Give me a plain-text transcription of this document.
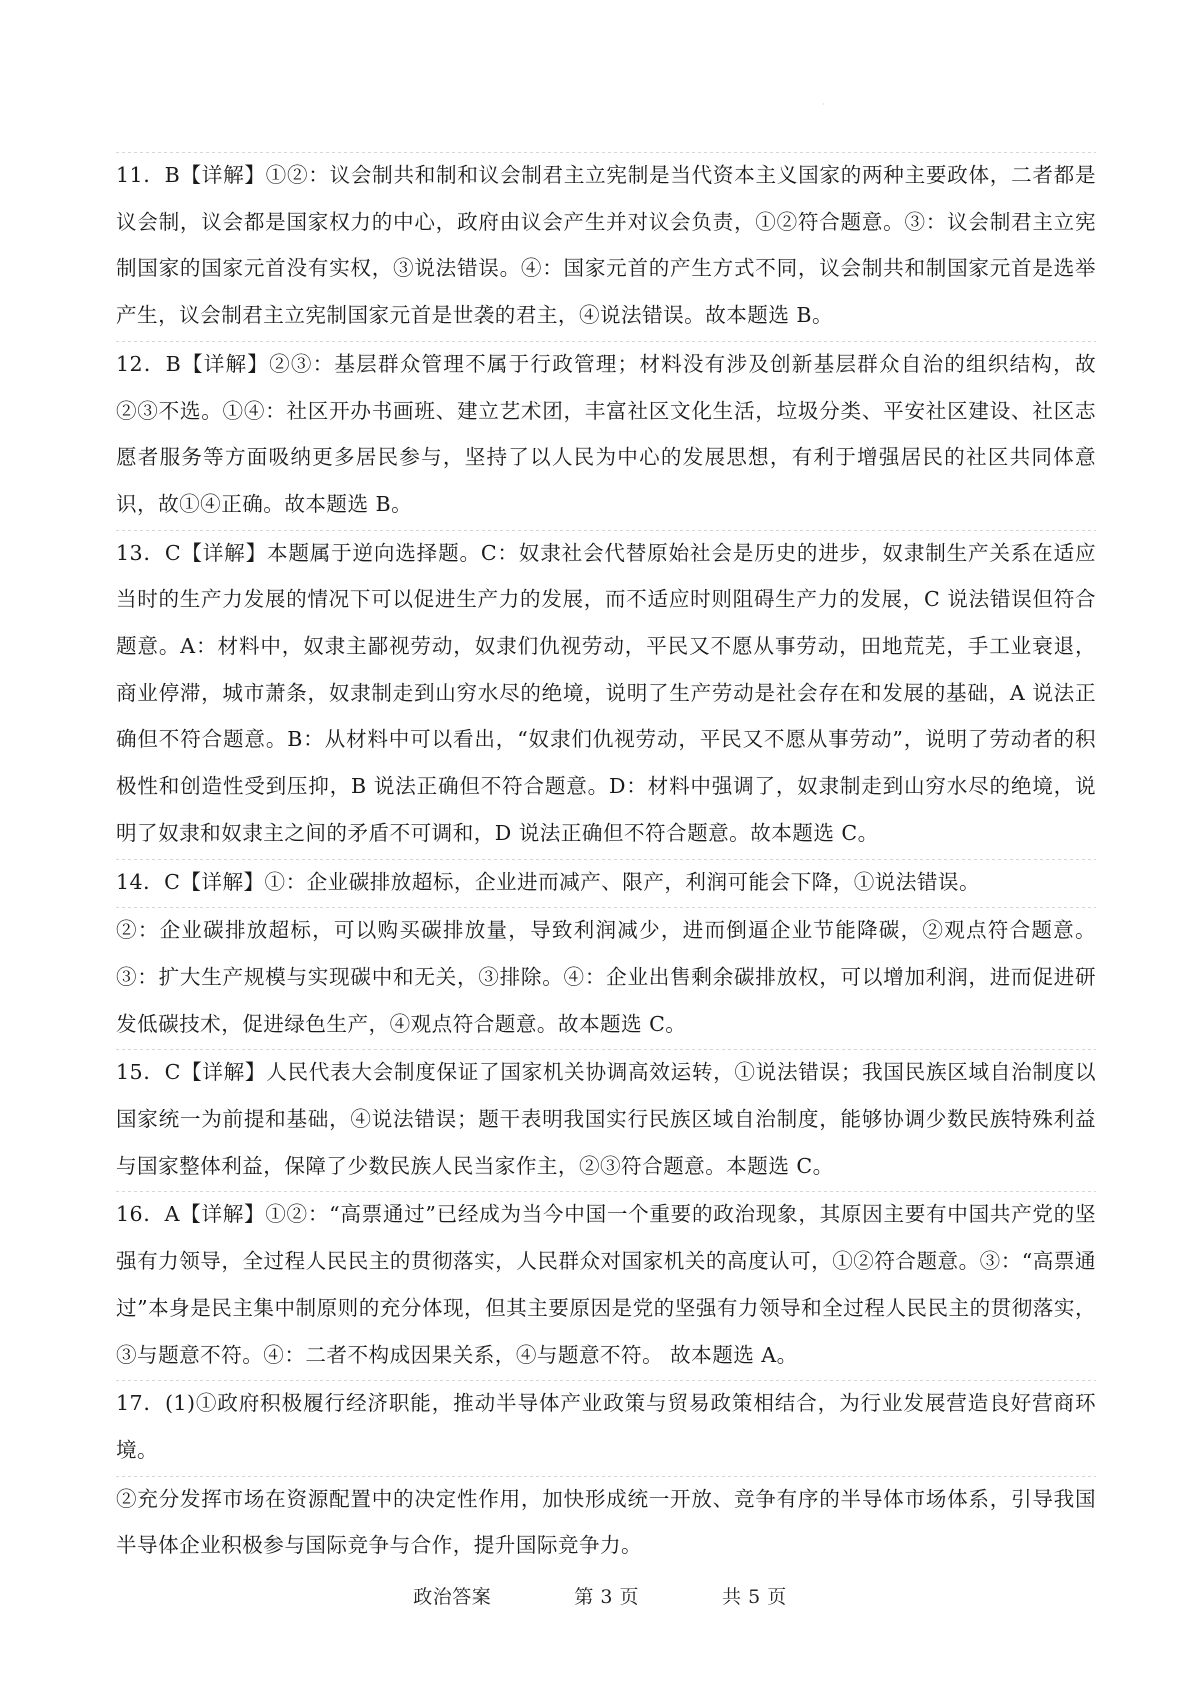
·

11．B【详解】①②：议会制共和制和议会制君主立宪制是当代资本主义国家的两种主要政体，二者都是议会制，议会都是国家权力的中心，政府由议会产生并对议会负责，①②符合题意。③：议会制君主立宪制国家的国家元首没有实权，③说法错误。④：国家元首的产生方式不同，议会制共和制国家元首是选举产生，议会制君主立宪制国家元首是世袭的君主，④说法错误。故本题选 B。

12．B【详解】②③：基层群众管理不属于行政管理；材料没有涉及创新基层群众自治的组织结构，故②③不选。①④：社区开办书画班、建立艺术团，丰富社区文化生活，垃圾分类、平安社区建设、社区志愿者服务等方面吸纳更多居民参与，坚持了以人民为中心的发展思想，有利于增强居民的社区共同体意识，故①④正确。故本题选 B。

13．C【详解】本题属于逆向选择题。C：奴隶社会代替原始社会是历史的进步，奴隶制生产关系在适应当时的生产力发展的情况下可以促进生产力的发展，而不适应时则阻碍生产力的发展，C 说法错误但符合题意。A：材料中，奴隶主鄙视劳动，奴隶们仇视劳动，平民又不愿从事劳动，田地荒芜，手工业衰退，商业停滞，城市萧条，奴隶制走到山穷水尽的绝境，说明了生产劳动是社会存在和发展的基础，A 说法正确但不符合题意。B：从材料中可以看出，“奴隶们仇视劳动，平民又不愿从事劳动”，说明了劳动者的积极性和创造性受到压抑，B 说法正确但不符合题意。D：材料中强调了，奴隶制走到山穷水尽的绝境，说明了奴隶和奴隶主之间的矛盾不可调和，D 说法正确但不符合题意。故本题选 C。

14．C【详解】①：企业碳排放超标，企业进而减产、限产，利润可能会下降，①说法错误。

②：企业碳排放超标，可以购买碳排放量，导致利润减少，进而倒逼企业节能降碳，②观点符合题意。③：扩大生产规模与实现碳中和无关，③排除。④：企业出售剩余碳排放权，可以增加利润，进而促进研发低碳技术，促进绿色生产，④观点符合题意。故本题选 C。

15．C【详解】人民代表大会制度保证了国家机关协调高效运转，①说法错误；我国民族区域自治制度以国家统一为前提和基础，④说法错误；题干表明我国实行民族区域自治制度，能够协调少数民族特殊利益与国家整体利益，保障了少数民族人民当家作主，②③符合题意。本题选 C。

16．A【详解】①②：“高票通过”已经成为当今中国一个重要的政治现象，其原因主要有中国共产党的坚强有力领导，全过程人民民主的贯彻落实，人民群众对国家机关的高度认可，①②符合题意。③：“高票通过”本身是民主集中制原则的充分体现，但其主要原因是党的坚强有力领导和全过程人民民主的贯彻落实，③与题意不符。④：二者不构成因果关系，④与题意不符。 故本题选 A。

17．(1)①政府积极履行经济职能，推动半导体产业政策与贸易政策相结合，为行业发展营造良好营商环境。

②充分发挥市场在资源配置中的决定性作用，加快形成统一开放、竞争有序的半导体市场体系，引导我国半导体企业积极参与国际竞争与合作，提升国际竞争力。

政治答案	第 3 页	共 5 页
